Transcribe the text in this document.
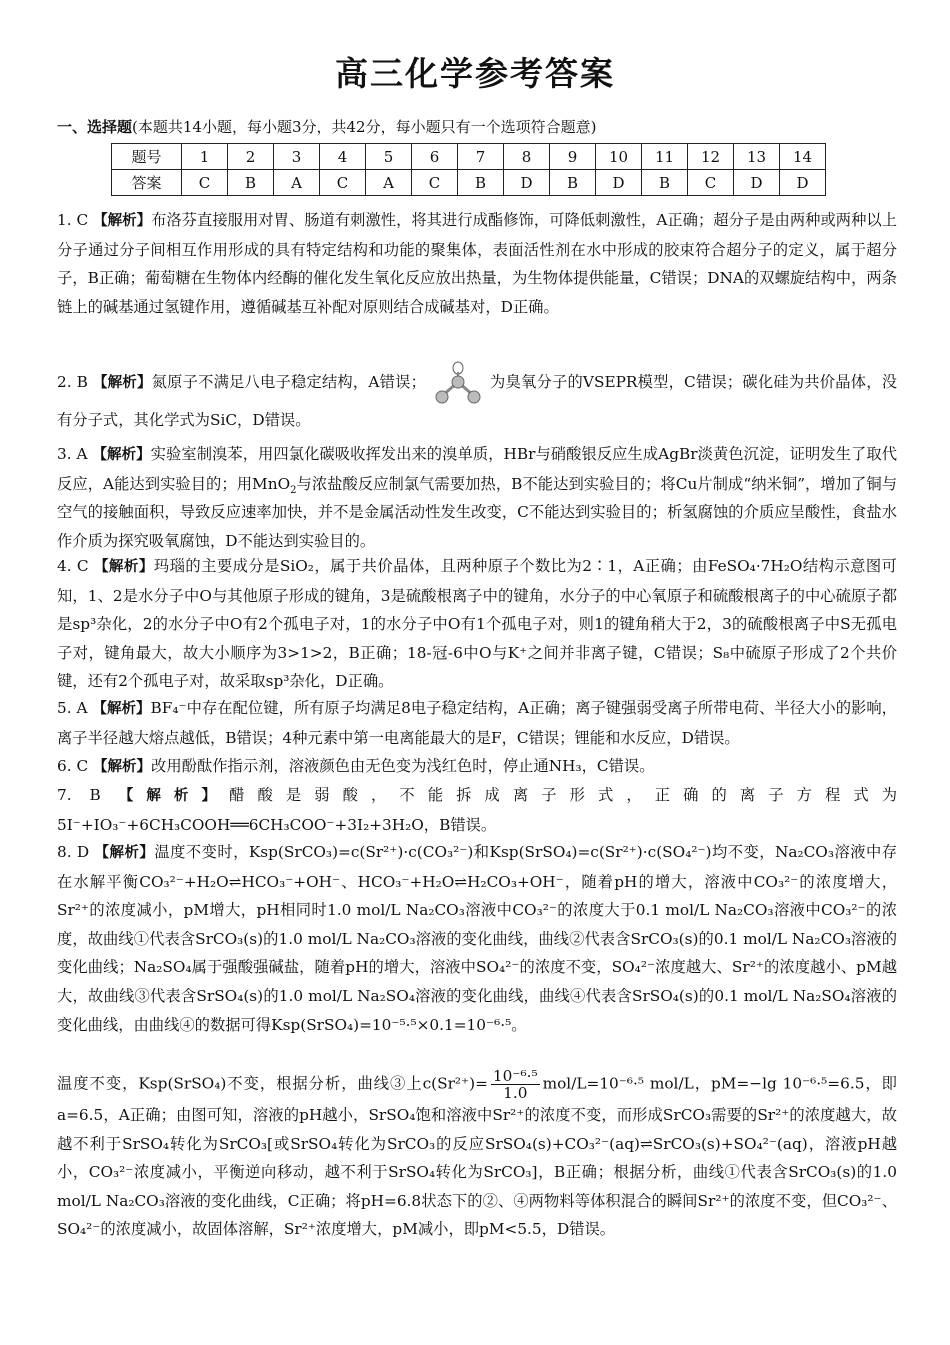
高三化学参考答案
一、选择题(本题共14小题，每小题3分，共42分，每小题只有一个选项符合题意)
题号	1	2	3	4	5	6	7	8	9	10	11	12	13	14
答案	C	B	A	C	A	C	B	D	B	D	B	C	D	D

1. C 【解析】布洛芬直接服用对胃、肠道有刺激性，将其进行成酯修饰，可降低刺激性，A正确；超分子是由两种或两种以上分子通过分子间相互作用形成的具有特定结构和功能的聚集体，表面活性剂在水中形成的胶束符合超分子的定义，属于超分子，B正确；葡萄糖在生物体内经酶的催化发生氧化反应放出热量，为生物体提供能量，C错误；DNA的双螺旋结构中，两条链上的碱基通过氢键作用，遵循碱基互补配对原则结合成碱基对，D正确。

2. B 【解析】氮原子不满足八电子稳定结构，A错误；	为臭氧分子的VSEPR模型，C错误；碳化硅为共价晶体，没有分子式，其化学式为SiC，D错误。

3. A 【解析】实验室制溴苯，用四氯化碳吸收挥发出来的溴单质，HBr与硝酸银反应生成AgBr淡黄色沉淀，证明发生了取代反应，A能达到实验目的；用MnO$_2$与浓盐酸反应制氯气需要加热，B不能达到实验目的；将Cu片制成“纳米铜”，增加了铜与空气的接触面积，导致反应速率加快，并不是金属活动性发生改变，C不能达到实验目的；析氢腐蚀的介质应呈酸性，食盐水作介质为探究吸氧腐蚀，D不能达到实验目的。

4. C 【解析】玛瑙的主要成分是SiO₂，属于共价晶体，且两种原子个数比为2∶1，A正确；由FeSO₄·7H₂O结构示意图可知，1、2是水分子中O与其他原子形成的键角，3是硫酸根离子中的键角，水分子的中心氧原子和硫酸根离子的中心硫原子都是sp³杂化，2的水分子中O有2个孤电子对，1的水分子中O有1个孤电子对，则1的键角稍大于2，3的硫酸根离子中S无孤电子对，键角最大，故大小顺序为3>1>2，B正确；18-冠-6中O与K⁺之间并非离子键，C错误；S₈中硫原子形成了2个共价键，还有2个孤电子对，故采取sp³杂化，D正确。

5. A 【解析】BF₄⁻中存在配位键，所有原子均满足8电子稳定结构，A正确；离子键强弱受离子所带电荷、半径大小的影响，离子半径越大熔点越低，B错误；4种元素中第一电离能最大的是F，C错误；锂能和水反应，D错误。

6. C 【解析】改用酚酞作指示剂，溶液颜色由无色变为浅红色时，停止通NH₃，C错误。

7. B 【解析】醋酸是弱酸，不能拆成离子形式，正确的离子方程式为5I⁻+IO₃⁻+6CH₃COOH══6CH₃COO⁻+3I₂+3H₂O，B错误。

8. D 【解析】温度不变时，Ksp(SrCO₃)=c(Sr²⁺)·c(CO₃²⁻)和Ksp(SrSO₄)=c(Sr²⁺)·c(SO₄²⁻)均不变，Na₂CO₃溶液中存在水解平衡CO₃²⁻+H₂O⇌HCO₃⁻+OH⁻、HCO₃⁻+H₂O⇌H₂CO₃+OH⁻，随着pH的增大，溶液中CO₃²⁻的浓度增大，Sr²⁺的浓度减小，pM增大，pH相同时1.0 mol/L Na₂CO₃溶液中CO₃²⁻的浓度大于0.1 mol/L Na₂CO₃溶液中CO₃²⁻的浓度，故曲线①代表含SrCO₃(s)的1.0 mol/L Na₂CO₃溶液的变化曲线，曲线②代表含SrCO₃(s)的0.1 mol/L Na₂CO₃溶液的变化曲线；Na₂SO₄属于强酸强碱盐，随着pH的增大，溶液中SO₄²⁻的浓度不变，SO₄²⁻浓度越大、Sr²⁺的浓度越小、pM越大，故曲线③代表含SrSO₄(s)的1.0 mol/L Na₂SO₄溶液的变化曲线，曲线④代表含SrSO₄(s)的0.1 mol/L Na₂SO₄溶液的变化曲线，由曲线④的数据可得Ksp(SrSO₄)=10⁻⁵·⁵×0.1=10⁻⁶·⁵。

温度不变，Ksp(SrSO₄)不变，根据分析，曲线③上$c(Sr^{2+})= \frac{\text{10⁻⁶·⁵}}{1.0} mol/L=10^{-6}\cdot^5$ mol/L，pM=−lg 10⁻⁶·⁵=6.5，即a=6.5，A正确；由图可知，溶液的pH越小，SrSO₄饱和溶液中Sr²⁺的浓度不变，而形成SrCO₃需要的Sr²⁺的浓度越大，故越不利于SrSO₄转化为SrCO₃[或SrSO₄转化为SrCO₃的反应SrSO₄(s)+CO₃²⁻(aq)⇌SrCO₃(s)+SO₄²⁻(aq)，溶液pH越小，CO₃²⁻浓度减小，平衡逆向移动，越不利于SrSO₄转化为SrCO₃]，B正确；根据分析，曲线①代表含SrCO₃(s)的1.0 mol/L Na₂CO₃溶液的变化曲线，C正确；将pH=6.8状态下的②、④两物料等体积混合的瞬间Sr²⁺的浓度不变，但CO₃²⁻、SO₄²⁻的浓度减小，故固体溶解，Sr²⁺浓度增大，pM减小，即pM<5.5，D错误。
